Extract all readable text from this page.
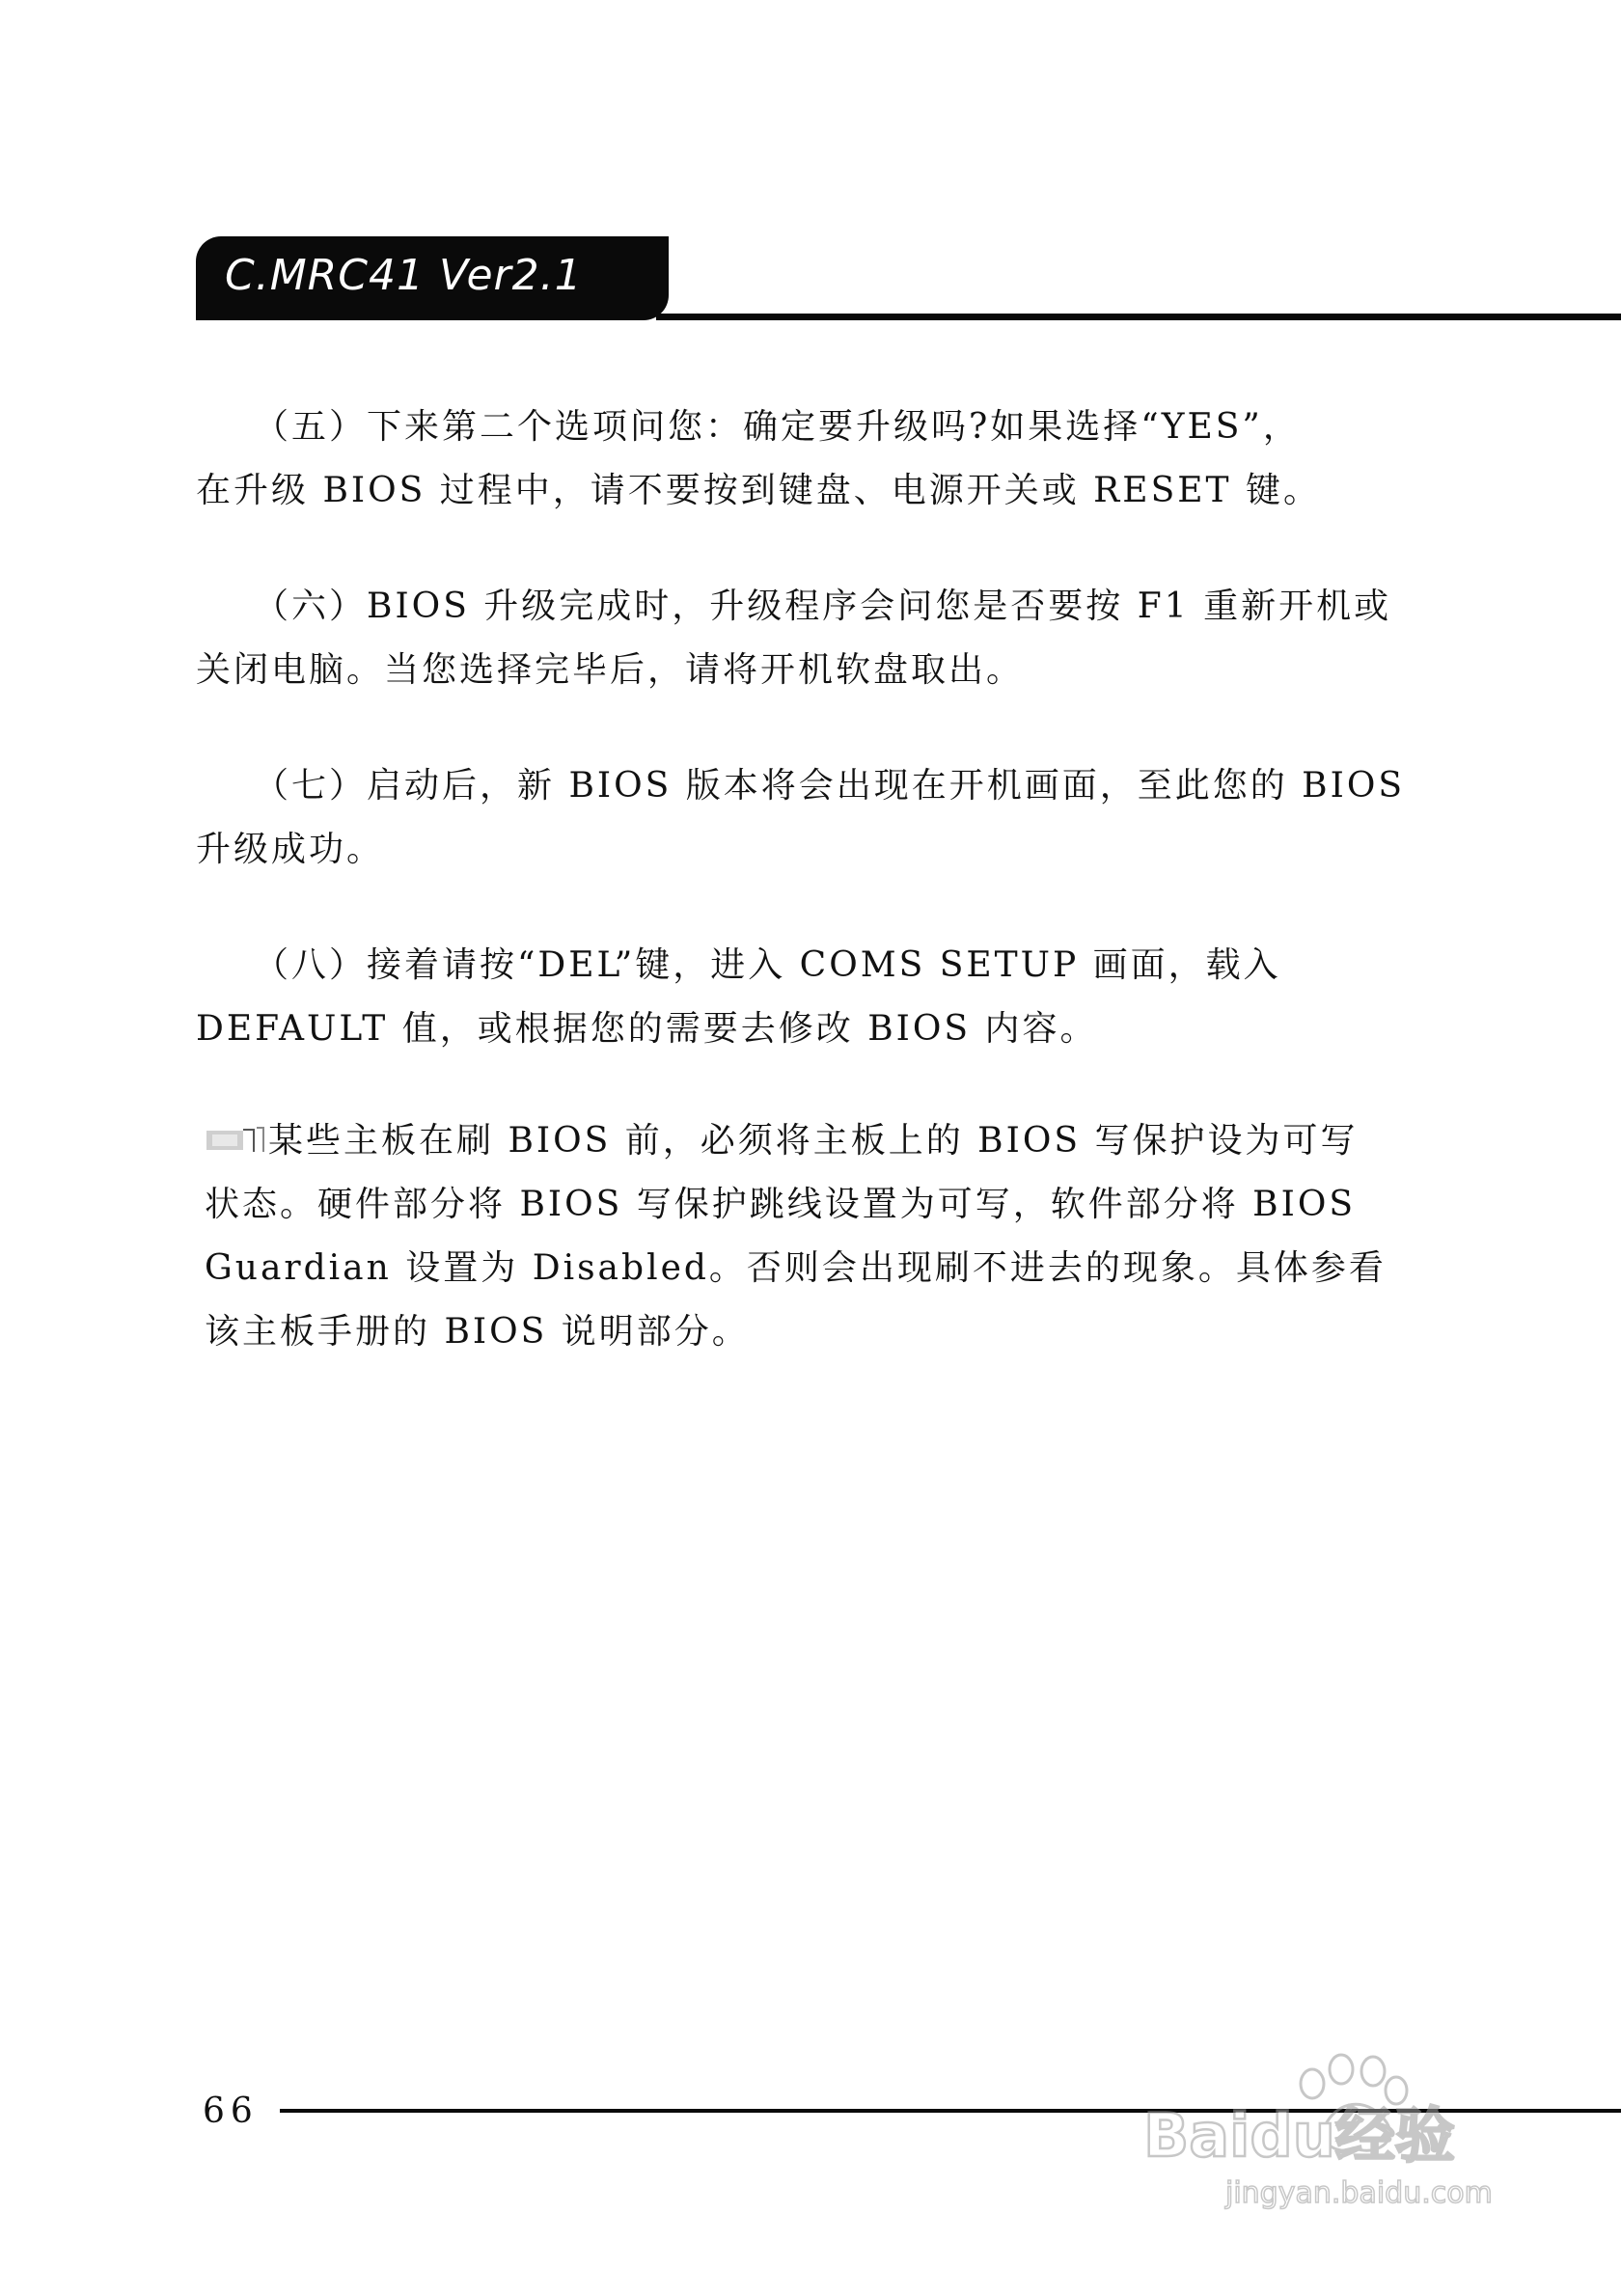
C.MRC41 Ver2.1
　　（五）下来第二个选项问您：确定要升级吗?如果选择“YES”，
在升级 BIOS 过程中，请不要按到键盘、电源开关或 RESET 键。
　　（六）BIOS 升级完成时，升级程序会问您是否要按 F1 重新开机或
关闭电脑。当您选择完毕后，请将开机软盘取出。
　　（七）启动后，新 BIOS 版本将会出现在开机画面，至此您的 BIOS
升级成功。
　　（八）接着请按“DEL”键，进入 COMS SETUP 画面，载入
DEFAULT 值，或根据您的需要去修改 BIOS 内容。
某些主板在刷 BIOS 前，必须将主板上的 BIOS 写保护设为可写
状态。硬件部分将 BIOS 写保护跳线设置为可写，软件部分将 BIOS
Guardian 设置为 Disabled。否则会出现刷不进去的现象。具体参看
该主板手册的 BIOS 说明部分。
66	Baidu经验
jingyan.baidu.com
